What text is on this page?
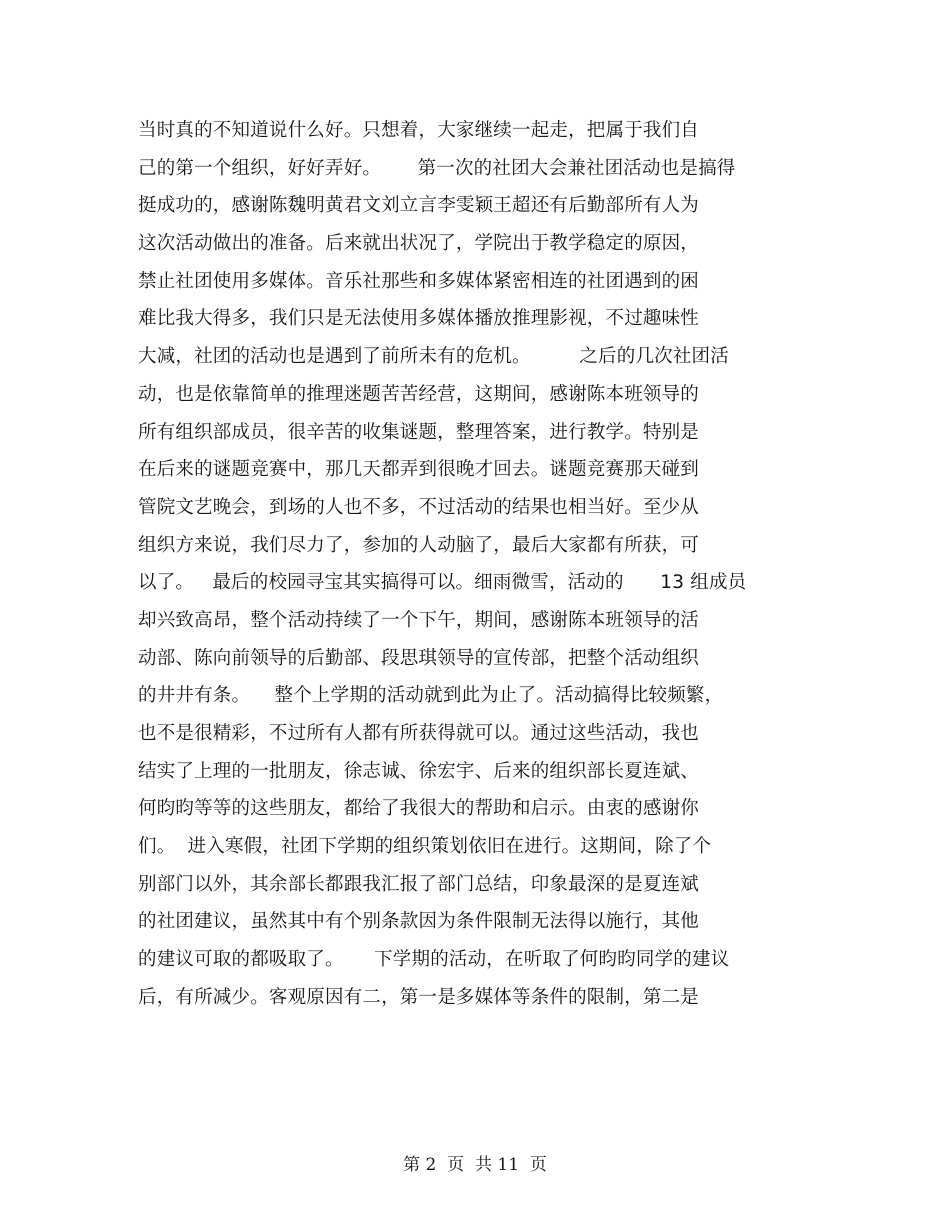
当时真的不知道说什么好。只想着，大家继续一起走，把属于我们自
己的第一个组织，好好弄好。      第一次的社团大会兼社团活动也是搞得
挺成功的，感谢陈魏明黄君文刘立言李雯颖王超还有后勤部所有人为
这次活动做出的准备。后来就出状况了，学院出于教学稳定的原因，
禁止社团使用多媒体。音乐社那些和多媒体紧密相连的社团遇到的困
难比我大得多，我们只是无法使用多媒体播放推理影视，不过趣味性
大减，社团的活动也是遇到了前所未有的危机。        之后的几次社团活
动，也是依靠简单的推理迷题苦苦经营，这期间，感谢陈本班领导的
所有组织部成员，很辛苦的收集谜题，整理答案，进行教学。特别是
在后来的谜题竞赛中，那几天都弄到很晚才回去。谜题竞赛那天碰到
管院文艺晚会，到场的人也不多，不过活动的结果也相当好。至少从
组织方来说，我们尽力了，参加的人动脑了，最后大家都有所获，可
以了。   最后的校园寻宝其实搞得可以。细雨微雪，活动的      13 组成员
却兴致高昂，整个活动持续了一个下午，期间，感谢陈本班领导的活
动部、陈向前领导的后勤部、段思琪领导的宣传部，把整个活动组织
的井井有条。    整个上学期的活动就到此为止了。活动搞得比较频繁，
也不是很精彩，不过所有人都有所获得就可以。通过这些活动，我也
结实了上理的一批朋友，徐志诚、徐宏宇、后来的组织部长夏连斌、
何昀昀等等的这些朋友，都给了我很大的帮助和启示。由衷的感谢你
们。  进入寒假，社团下学期的组织策划依旧在进行。这期间，除了个
别部门以外，其余部长都跟我汇报了部门总结，印象最深的是夏连斌
的社团建议，虽然其中有个别条款因为条件限制无法得以施行，其他
的建议可取的都吸取了。     下学期的活动，在听取了何昀昀同学的建议
后，有所减少。客观原因有二，第一是多媒体等条件的限制，第二是
第 2  页  共 11  页
